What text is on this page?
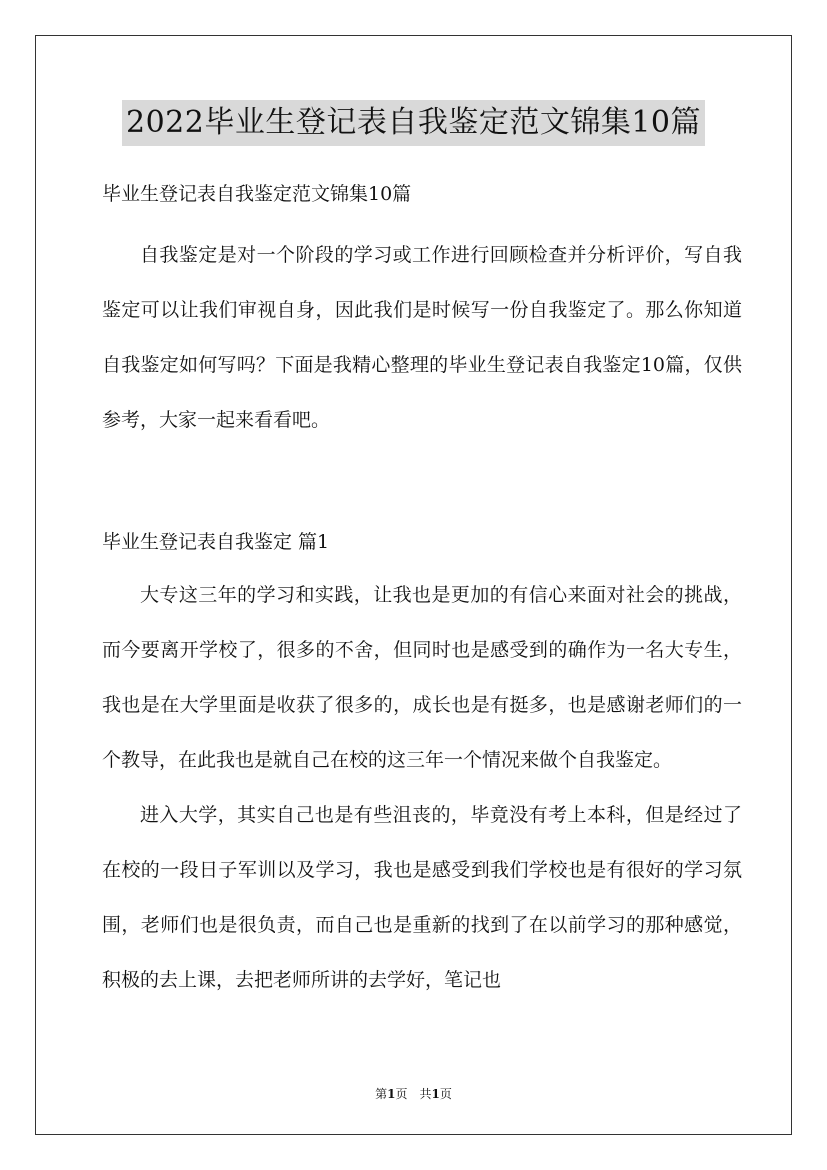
2022毕业生登记表自我鉴定范文锦集10篇

毕业生登记表自我鉴定范文锦集10篇

自我鉴定是对一个阶段的学习或工作进行回顾检查并分析评价，写自我鉴定可以让我们审视自身，因此我们是时候写一份自我鉴定了。那么你知道自我鉴定如何写吗？下面是我精心整理的毕业生登记表自我鉴定10篇，仅供参考，大家一起来看看吧。

毕业生登记表自我鉴定 篇1

大专这三年的学习和实践，让我也是更加的有信心来面对社会的挑战，而今要离开学校了，很多的不舍，但同时也是感受到的确作为一名大专生，我也是在大学里面是收获了很多的，成长也是有挺多，也是感谢老师们的一个教导，在此我也是就自己在校的这三年一个情况来做个自我鉴定。

进入大学，其实自己也是有些沮丧的，毕竟没有考上本科，但是经过了在校的一段日子军训以及学习，我也是感受到我们学校也是有很好的学习氛围，老师们也是很负责，而自己也是重新的找到了在以前学习的那种感觉，积极的去上课，去把老师所讲的去学好，笔记也

第1页 共1页
